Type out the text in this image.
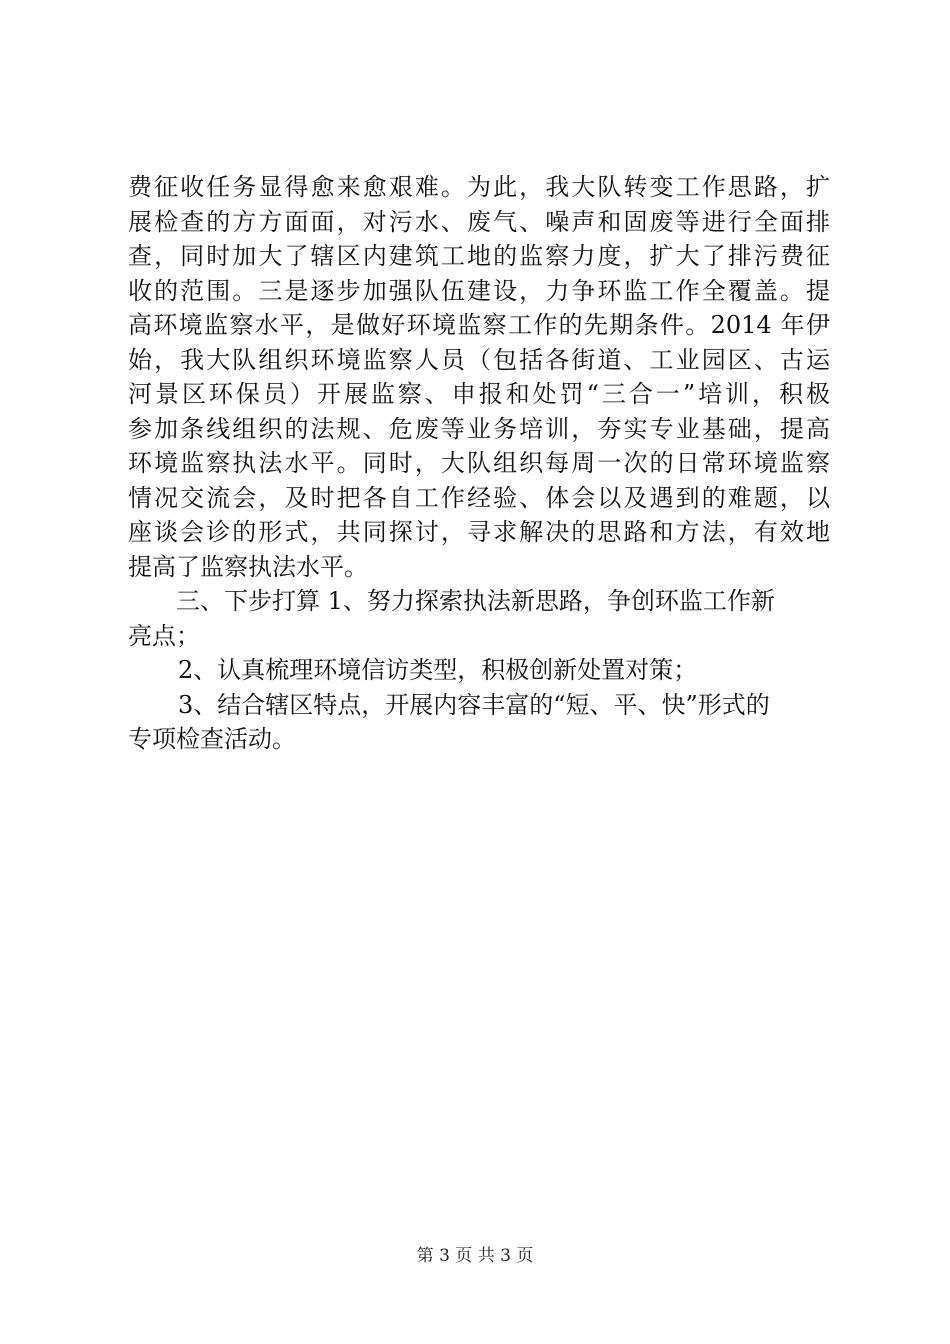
费征收任务显得愈来愈艰难。为此，我大队转变工作思路，扩
展检查的方方面面，对污水、废气、噪声和固废等进行全面排
查，同时加大了辖区内建筑工地的监察力度，扩大了排污费征
收的范围。三是逐步加强队伍建设，力争环监工作全覆盖。提
高环境监察水平，是做好环境监察工作的先期条件。2014 年伊
始，我大队组织环境监察人员（包括各街道、工业园区、古运
河景区环保员）开展监察、申报和处罚“三合一”培训，积极
参加条线组织的法规、危废等业务培训，夯实专业基础，提高
环境监察执法水平。同时，大队组织每周一次的日常环境监察
情况交流会，及时把各自工作经验、体会以及遇到的难题，以
座谈会诊的形式，共同探讨，寻求解决的思路和方法，有效地
提高了监察执法水平。
三、下步打算 1、努力探索执法新思路，争创环监工作新
亮点；
2、认真梳理环境信访类型，积极创新处置对策；
3、结合辖区特点，开展内容丰富的“短、平、快”形式的
专项检查活动。
第 3 页 共 3 页
